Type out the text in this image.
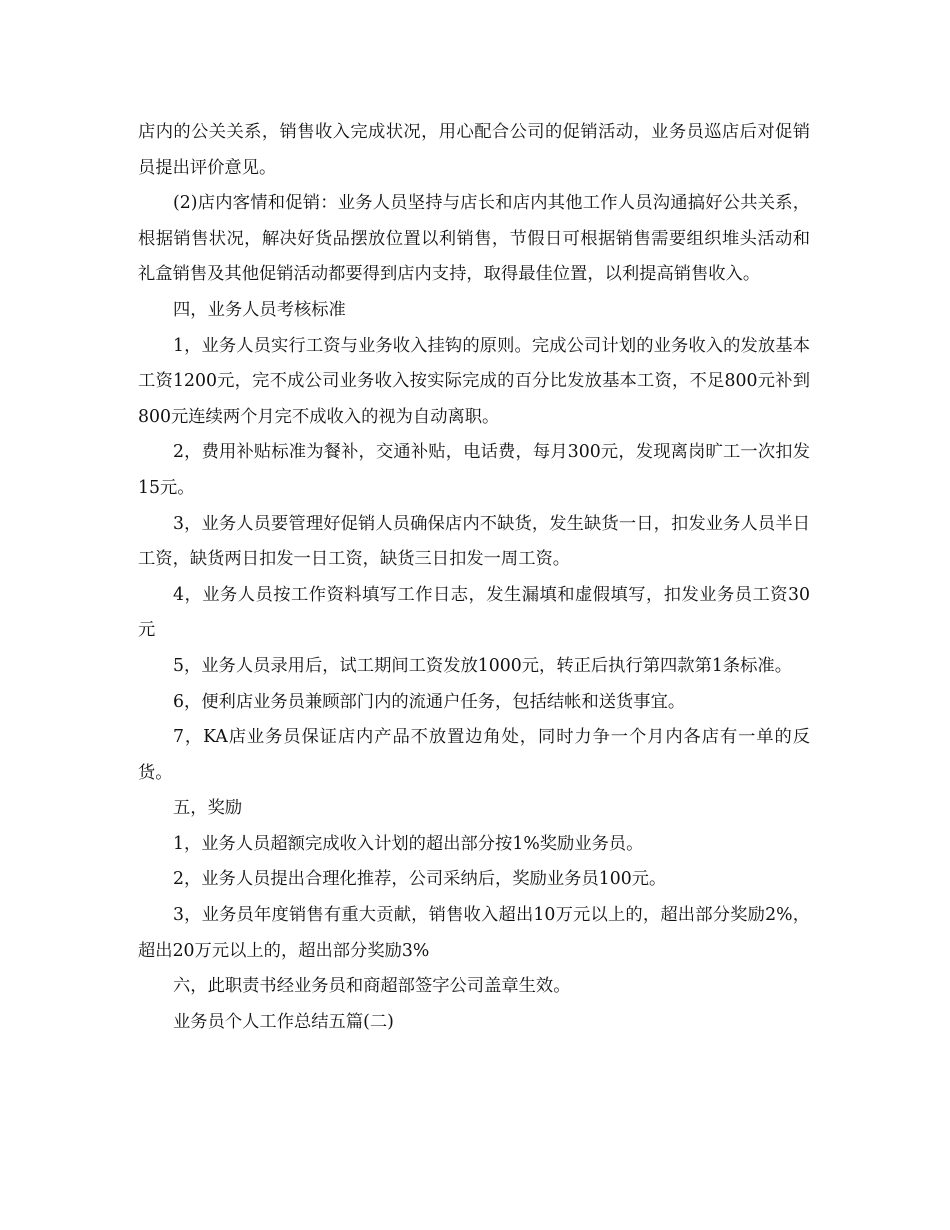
店内的公关关系，销售收入完成状况，用心配合公司的促销活动，业务员巡店后对促销员提出评价意见。

(2)店内客情和促销：业务人员坚持与店长和店内其他工作人员沟通搞好公共关系，根据销售状况，解决好货品摆放位置以利销售，节假日可根据销售需要组织堆头活动和礼盒销售及其他促销活动都要得到店内支持，取得最佳位置，以利提高销售收入。

四，业务人员考核标准

1，业务人员实行工资与业务收入挂钩的原则。完成公司计划的业务收入的发放基本工资1200元，完不成公司业务收入按实际完成的百分比发放基本工资，不足800元补到800元连续两个月完不成收入的视为自动离职。

2，费用补贴标准为餐补，交通补贴，电话费，每月300元，发现离岗旷工一次扣发15元。

3，业务人员要管理好促销人员确保店内不缺货，发生缺货一日，扣发业务人员半日工资，缺货两日扣发一日工资，缺货三日扣发一周工资。

4，业务人员按工作资料填写工作日志，发生漏填和虚假填写，扣发业务员工资30元

5，业务人员录用后，试工期间工资发放1000元，转正后执行第四款第1条标准。

6，便利店业务员兼顾部门内的流通户任务，包括结帐和送货事宜。

7，KA店业务员保证店内产品不放置边角处，同时力争一个月内各店有一单的反货。

五，奖励

1，业务人员超额完成收入计划的超出部分按1%奖励业务员。

2，业务人员提出合理化推荐，公司采纳后，奖励业务员100元。

3，业务员年度销售有重大贡献，销售收入超出10万元以上的，超出部分奖励2%，超出20万元以上的，超出部分奖励3%

六，此职责书经业务员和商超部签字公司盖章生效。

业务员个人工作总结五篇(二)
